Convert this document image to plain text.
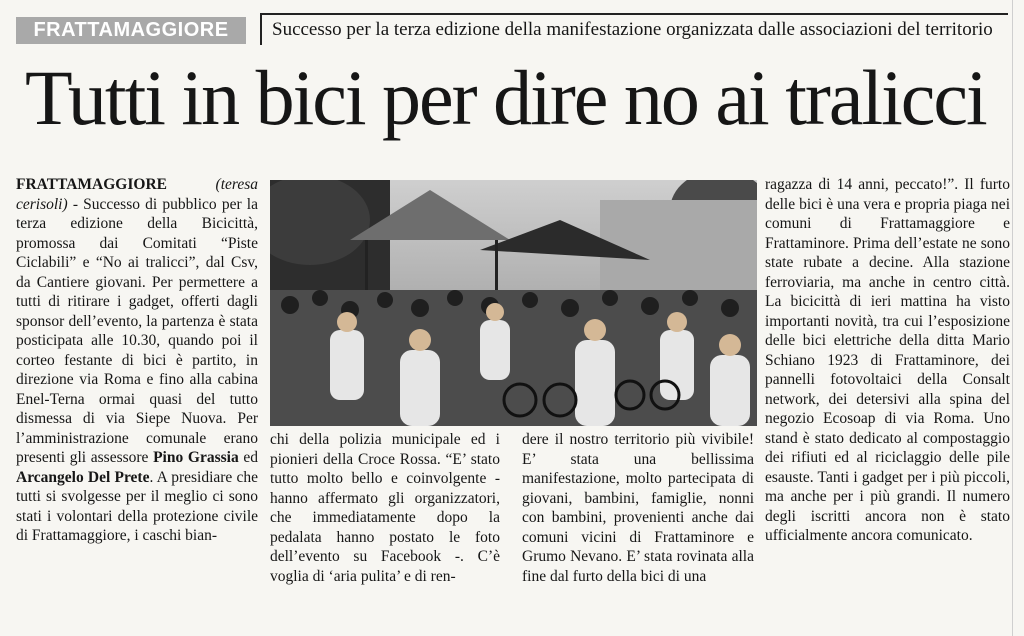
FRATTAMAGGIORE	Successo per la terza edizione della manifestazione organizzata dalle associazioni del territorio
Tutti in bici per dire no ai tralicci

FRATTAMAGGIORE	(teresa cerisoli) - Successo di pubblico per la terza edizione della Bicicittà, promossa dai Comitati “Piste Ciclabili” e “No ai tralicci”, dal Csv, da Cantiere giovani. Per permettere a tutti di ritirare i gadget, offerti dagli sponsor dell’evento, la partenza è stata posticipata alle 10.30, quando poi il corteo festante di bici è partito, in direzione via Roma e fino alla cabina Enel-Terna ormai quasi del tutto dismessa di via Siepe Nuova. Per l’amministrazione comunale erano presenti gli assessore Pino Grassia ed Arcangelo Del Prete. A presidiare che tutti si svolgesse per il meglio ci sono stati i volontari della protezione civile di Frattamaggiore, i caschi bian-

chi della polizia municipale ed i pionieri della Croce Rossa. “E’ stato tutto molto bello e coinvolgente - hanno affermato gli organizzatori, che immediatamente dopo la pedalata hanno postato le foto dell’evento su Facebook -. C’è voglia di ‘aria pulita’ e di ren-

dere il nostro territorio più vivibile! E’ stata una bellissima manifestazione, molto partecipata di giovani, bambini, famiglie, nonni con bambini, provenienti anche dai comuni vicini di Frattaminore e Grumo Nevano. E’ stata rovinata alla fine dal furto della bici di una

ragazza di 14 anni, peccato!”. Il furto delle bici è una vera e propria piaga nei comuni di Frattamaggiore e Frattaminore. Prima dell’estate ne sono state rubate a decine. Alla stazione ferroviaria, ma anche in centro città. La bicicittà di ieri mattina ha visto importanti novità, tra cui l’esposizione delle bici elettriche della ditta Mario Schiano 1923 di Frattaminore, dei pannelli fotovoltaici della Consalt network, dei detersivi alla spina del negozio Ecosoap di via Roma. Uno stand è stato dedicato al compostaggio dei rifiuti ed al riciclaggio delle pile esauste. Tanti i gadget per i più piccoli, ma anche per i più grandi. Il numero degli iscritti ancora non è stato ufficialmente ancora comunicato.
